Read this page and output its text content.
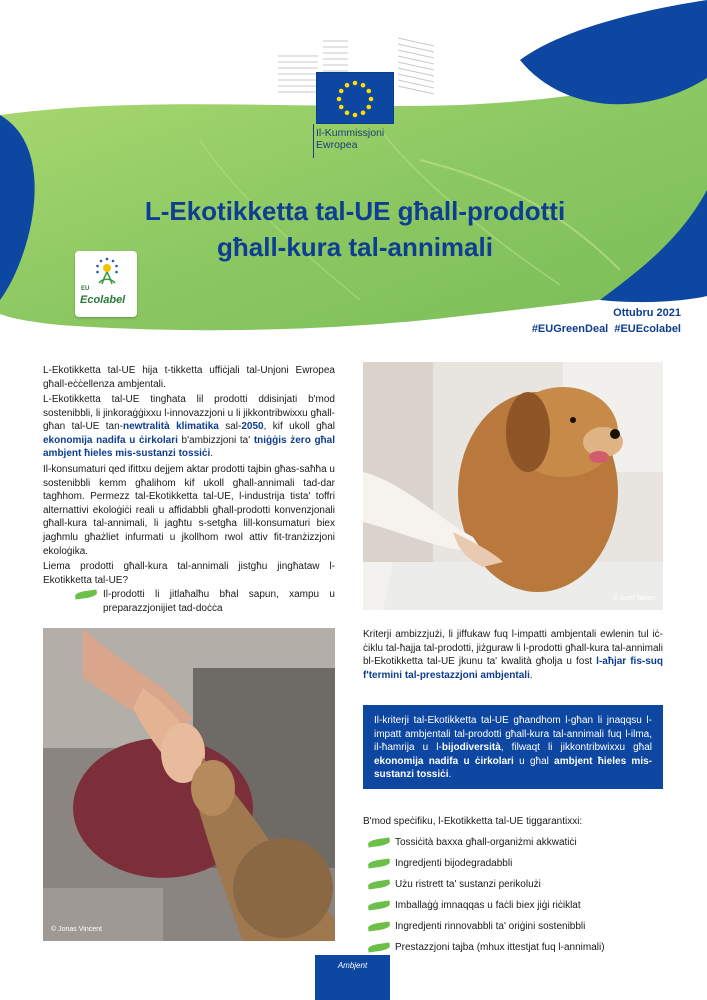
Il-Kummissjoni
Ewropea
L-Ekotikketta tal-UE għall-prodotti
għall-kura tal-annimali
EU
Ecolabel
Ottubru 2021
#EUGreenDeal  #EUEcolabel
L-Ekotikketta tal-UE hija t-tikketta uffiċjali tal-Unjoni Ewropea għall-eċċellenza ambjentali.
L-Ekotikketta tal-UE tingħata lil prodotti ddisinjati b'mod sostenibbli, li jinkoraġġixxu l-innovazzjoni u li jikkontribwixxu għall-għan tal-UE tan-newtralità klimatika sal-2050, kif ukoll għal ekonomija nadifa u ċirkolari b'ambizzjoni ta' tniġġis żero għal ambjent ħieles mis-sustanzi tossiċi.
Il-konsumaturi qed ifittxu dejjem aktar prodotti tajbin għas-saħħa u sostenibbli kemm għalihom kif ukoll għall-annimali tad-dar tagħhom. Permezz tal-Ekotikketta tal-UE, l-industrija tista' toffri alternattivi ekoloġiċi reali u affidabbli għall-prodotti konvenzjonali għall-kura tal-annimali, li jagħtu s-setgħa lill-konsumaturi biex jagħmlu għażliet infurmati u jkollhom rwol attiv fit-tranżizzjoni ekoloġika.
Liema prodotti għall-kura tal-annimali jistgħu jingħataw l-Ekotikketta tal-UE?
Il-prodotti li jitlaħalħu bħal sapun, xampu u preparazzjonijiet tad-doċċa
© Autri Taheri
© Jonas Vincent
Kriterji ambizzjużi, li jiffukaw fuq l-impatti ambjentali ewlenin tul iċ-ċiklu tal-ħajja tal-prodotti, jiżguraw li l-prodotti għall-kura tal-annimali bl-Ekotikketta tal-UE jkunu ta' kwalità għolja u fost l-aħjar fis-suq f'termini tal-prestazzjoni ambjentali.
Il-kriterji tal-Ekotikketta tal-UE għandhom l-għan li jnaqqsu l-impatt ambjentali tal-prodotti għall-kura tal-annimali fuq l-ilma, il-ħamrija u l-bijodiversità, filwaqt li jikkontribwixxu għal ekonomija nadifa u ċirkolari u għal ambjent ħieles mis-sustanzi tossiċi.
B'mod speċifiku, l-Ekotikketta tal-UE tiggarantixxi:
Tossiċità baxxa għall-organiżmi akkwatiċi
Ingredjenti bijodegradabbli
Użu ristrett ta' sustanzi perikolużi
Imballaġġ imnaqqas u faċli biex jiġi riċiklat
Ingredjenti rinnovabbli ta' oriġini sostenibbli
Prestazzjoni tajba (mhux ittestjat fuq l-annimali)
Ambjent
